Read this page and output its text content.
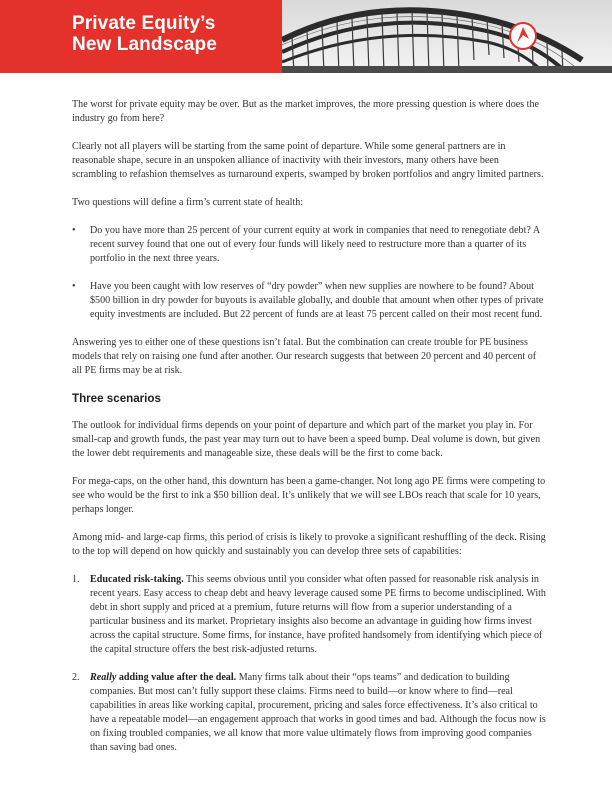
Private Equity’s
New Landscape

The worst for private equity may be over. But as the market improves, the more pressing question is where does the industry go from here?

Clearly not all players will be starting from the same point of departure. While some general partners are in reasonable shape, secure in an unspoken alliance of inactivity with their investors, many others have been scrambling to refashion themselves as turnaround experts, swamped by broken portfolios and angry limited partners.

Two questions will define a firm’s current state of health:

• Do you have more than 25 percent of your current equity at work in companies that need to renegotiate debt? A recent survey found that one out of every four funds will likely need to restructure more than a quarter of its portfolio in the next three years.
• Have you been caught with low reserves of “dry powder” when new supplies are nowhere to be found? About $500 billion in dry powder for buyouts is available globally, and double that amount when other types of private equity investments are included. But 22 percent of funds are at least 75 percent called on their most recent fund.

Answering yes to either one of these questions isn’t fatal. But the combination can create trouble for PE business models that rely on raising one fund after another. Our research suggests that between 20 percent and 40 percent of all PE firms may be at risk.

Three scenarios

The outlook for individual firms depends on your point of departure and which part of the market you play in. For small-cap and growth funds, the past year may turn out to have been a speed bump. Deal volume is down, but given the lower debt requirements and manageable size, these deals will be the first to come back.

For mega-caps, on the other hand, this downturn has been a game-changer. Not long ago PE firms were competing to see who would be the first to ink a $50 billion deal. It’s unlikely that we will see LBOs reach that scale for 10 years, perhaps longer.

Among mid- and large-cap firms, this period of crisis is likely to provoke a significant reshuffling of the deck. Rising to the top will depend on how quickly and sustainably you can develop three sets of capabilities:

1. Educated risk-taking. This seems obvious until you consider what often passed for reasonable risk analysis in recent years. Easy access to cheap debt and heavy leverage caused some PE firms to become undisciplined. With debt in short supply and priced at a premium, future returns will flow from a superior understanding of a particular business and its market. Proprietary insights also become an advantage in guiding how firms invest across the capital structure. Some firms, for instance, have profited handsomely from identifying which piece of the capital structure offers the best risk-adjusted returns.
2. Really adding value after the deal. Many firms talk about their “ops teams” and dedication to building companies. But most can’t fully support these claims. Firms need to build—or know where to find—real capabilities in areas like working capital, procurement, pricing and sales force effectiveness. It’s also critical to have a repeatable model—an engagement approach that works in good times and bad. Although the focus now is on fixing troubled companies, we all know that more value ultimately flows from improving good companies than saving bad ones.
